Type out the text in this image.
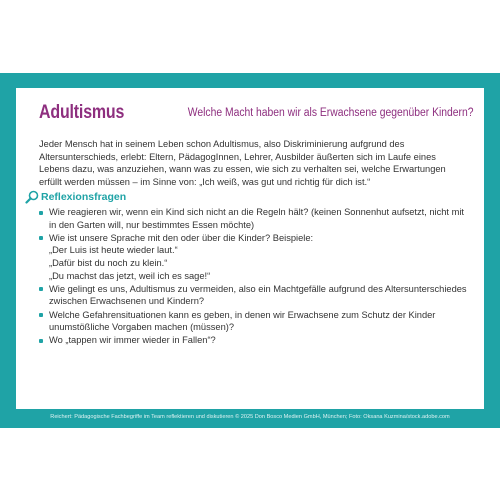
Adultismus	Welche Macht haben wir als Erwachsene gegenüber Kindern?
Jeder Mensch hat in seinem Leben schon Adultismus, also Diskriminierung aufgrund des Altersunterschieds, erlebt: Eltern, PädagogInnen, Lehrer, Ausbilder äußerten sich im Laufe eines Lebens dazu, was anzuziehen, wann was zu essen, wie sich zu verhalten sei, welche Erwartungen erfüllt werden müssen – im Sinne von: „Ich weiß, was gut und richtig für dich ist.“
Reflexionsfragen
Wie reagieren wir, wenn ein Kind sich nicht an die Regeln hält? (keinen Sonnenhut aufsetzt, nicht mit in den Garten will, nur bestimmtes Essen möchte)
Wie ist unsere Sprache mit den oder über die Kinder? Beispiele:
„Der Luis ist heute wieder laut.“
„Dafür bist du noch zu klein.“
„Du machst das jetzt, weil ich es sage!“
Wie gelingt es uns, Adultismus zu vermeiden, also ein Machtgefälle aufgrund des Altersunterschiedes zwischen Erwachsenen und Kindern?
Welche Gefahrensituationen kann es geben, in denen wir Erwachsene zum Schutz der Kinder unumstößliche Vorgaben machen (müssen)?
Wo „tappen wir immer wieder in Fallen“?
Reichert: Pädagogische Fachbegriffe im Team reflektieren und diskutieren © 2025 Don Bosco Medien GmbH, München; Foto: Oksana Kuzmina/stock.adobe.com
